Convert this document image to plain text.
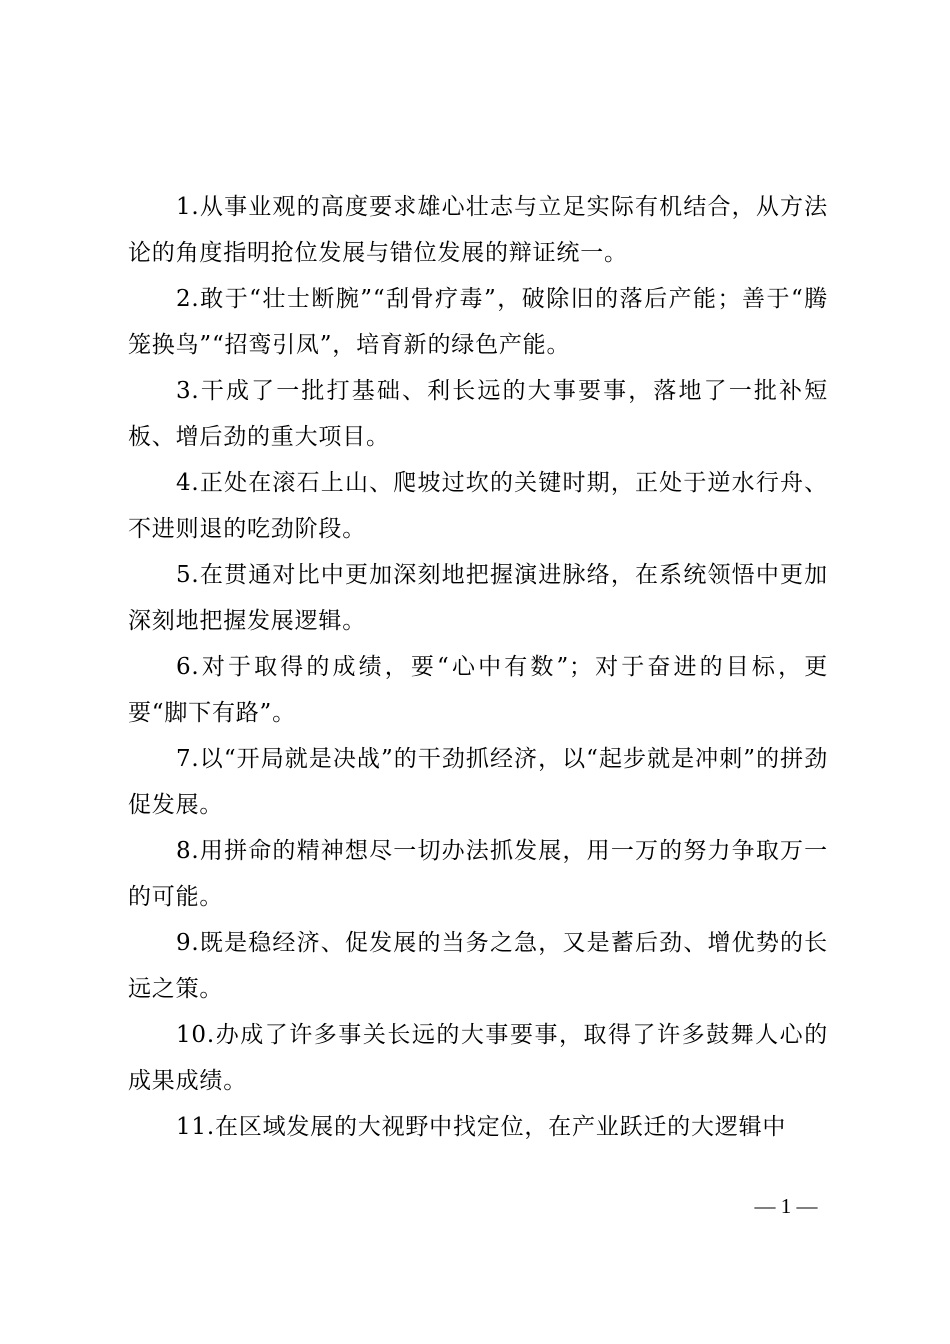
1.从事业观的高度要求雄心壮志与立足实际有机结合，从方法论的角度指明抢位发展与错位发展的辩证统一。

2.敢于“壮士断腕”“刮骨疗毒”，破除旧的落后产能；善于“腾笼换鸟”“招鸾引凤”，培育新的绿色产能。

3.干成了一批打基础、利长远的大事要事，落地了一批补短板、增后劲的重大项目。

4.正处在滚石上山、爬坡过坎的关键时期，正处于逆水行舟、不进则退的吃劲阶段。

5.在贯通对比中更加深刻地把握演进脉络，在系统领悟中更加深刻地把握发展逻辑。

6.对于取得的成绩，要“心中有数”；对于奋进的目标，更要“脚下有路”。

7.以“开局就是决战”的干劲抓经济，以“起步就是冲刺”的拼劲促发展。

8.用拼命的精神想尽一切办法抓发展，用一万的努力争取万一的可能。

9.既是稳经济、促发展的当务之急，又是蓄后劲、增优势的长远之策。

10.办成了许多事关长远的大事要事，取得了许多鼓舞人心的成果成绩。

11.在区域发展的大视野中找定位，在产业跃迁的大逻辑中

— 1 —
